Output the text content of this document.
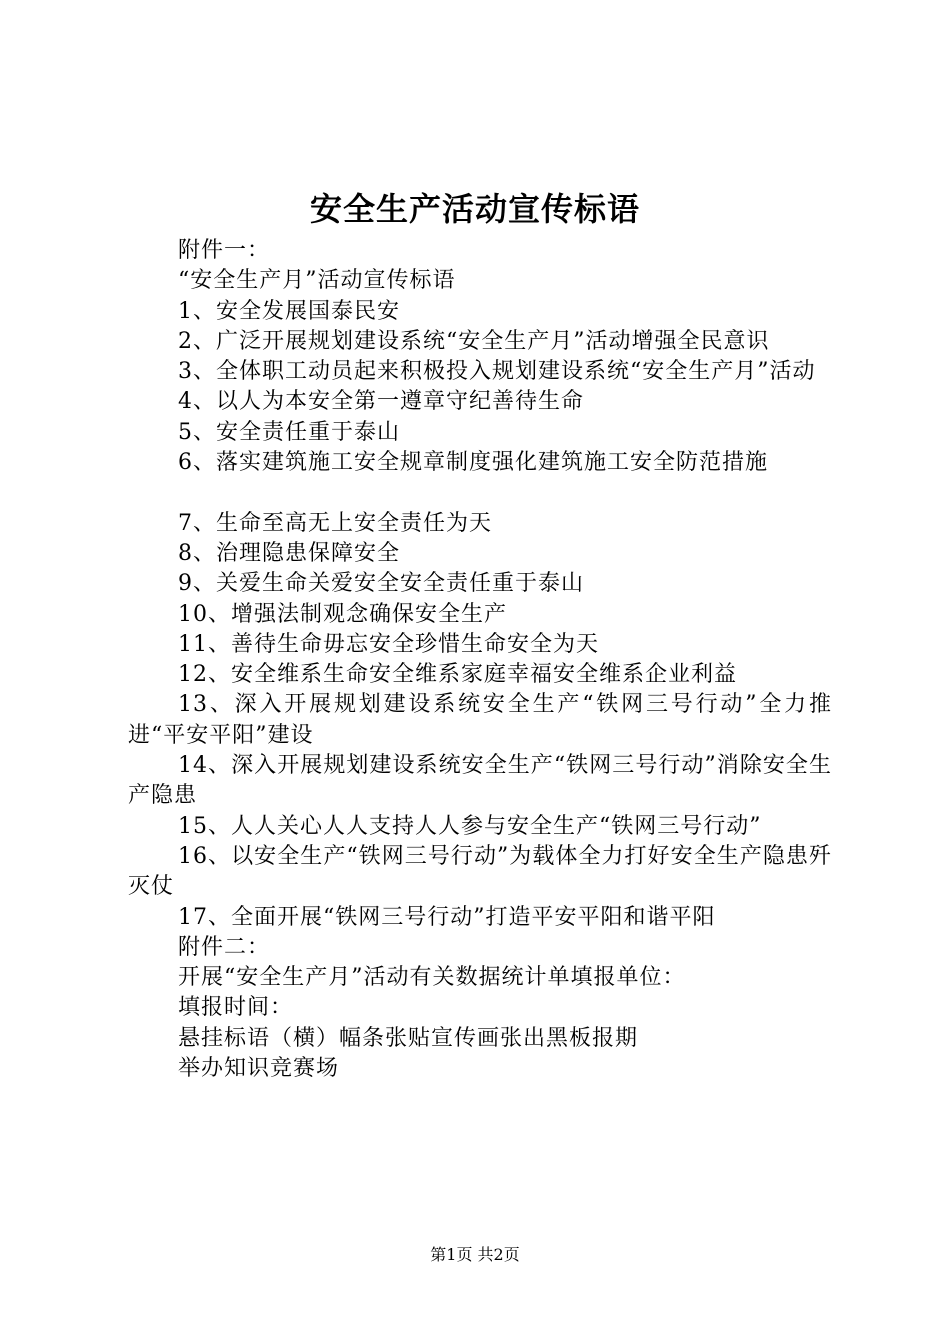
安全生产活动宣传标语

附件一：

“安全生产月”活动宣传标语

1、安全发展国泰民安

2、广泛开展规划建设系统“安全生产月”活动增强全民意识

3、全体职工动员起来积极投入规划建设系统“安全生产月”活动

4、以人为本安全第一遵章守纪善待生命

5、安全责任重于泰山

6、落实建筑施工安全规章制度强化建筑施工安全防范措施

7、生命至高无上安全责任为天

8、治理隐患保障安全

9、关爱生命关爱安全安全责任重于泰山

10、增强法制观念确保安全生产

11、善待生命毋忘安全珍惜生命安全为天

12、安全维系生命安全维系家庭幸福安全维系企业利益

13、深入开展规划建设系统安全生产“铁网三号行动”全力推进“平安平阳”建设

14、深入开展规划建设系统安全生产“铁网三号行动”消除安全生产隐患

15、人人关心人人支持人人参与安全生产“铁网三号行动”

16、以安全生产“铁网三号行动”为载体全力打好安全生产隐患歼灭仗

17、全面开展“铁网三号行动”打造平安平阳和谐平阳

附件二：

开展“安全生产月”活动有关数据统计单填报单位：

填报时间：

悬挂标语（横）幅条张贴宣传画张出黑板报期

举办知识竞赛场

第1页 共2页
